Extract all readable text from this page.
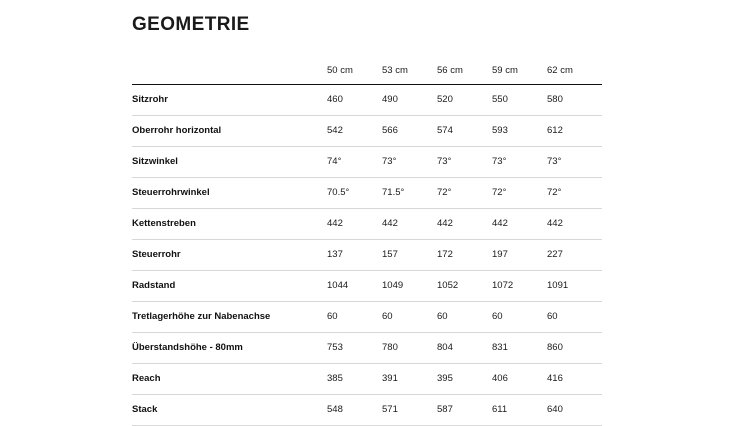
GEOMETRIE
	50 cm	53 cm	56 cm	59 cm	62 cm
Sitzrohr	460	490	520	550	580
Oberrohr horizontal	542	566	574	593	612
Sitzwinkel	74°	73°	73°	73°	73°
Steuerrohrwinkel	70.5°	71.5°	72°	72°	72°
Kettenstreben	442	442	442	442	442
Steuerrohr	137	157	172	197	227
Radstand	1044	1049	1052	1072	1091
Tretlagerhöhe zur Nabenachse	60	60	60	60	60
Überstandshöhe - 80mm	753	780	804	831	860
Reach	385	391	395	406	416
Stack	548	571	587	611	640
